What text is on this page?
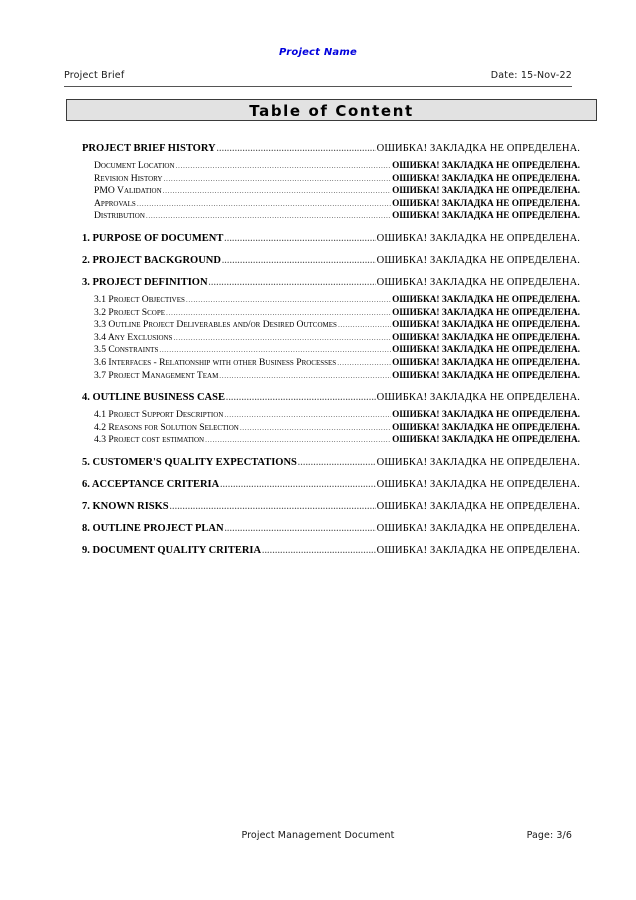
Project Name
Project Brief	Date: 15-Nov-22
Table of Content
PROJECT BRIEF HISTORY .....	ОШИБКА! ЗАКЛАДКА НЕ ОПРЕДЕЛЕНА.
Document Location .....	ОШИБКА! ЗАКЛАДКА НЕ ОПРЕДЕЛЕНА.
Revision History .....	ОШИБКА! ЗАКЛАДКА НЕ ОПРЕДЕЛЕНА.
PMO Validation .....	ОШИБКА! ЗАКЛАДКА НЕ ОПРЕДЕЛЕНА.
Approvals .....	ОШИБКА! ЗАКЛАДКА НЕ ОПРЕДЕЛЕНА.
Distribution .....	ОШИБКА! ЗАКЛАДКА НЕ ОПРЕДЕЛЕНА.
1. PURPOSE OF DOCUMENT .....	ОШИБКА! ЗАКЛАДКА НЕ ОПРЕДЕЛЕНА.
2. PROJECT BACKGROUND .....	ОШИБКА! ЗАКЛАДКА НЕ ОПРЕДЕЛЕНА.
3. PROJECT DEFINITION .....	ОШИБКА! ЗАКЛАДКА НЕ ОПРЕДЕЛЕНА.
3.1 Project Objectives .....	ОШИБКА! ЗАКЛАДКА НЕ ОПРЕДЕЛЕНА.
3.2 Project Scope .....	ОШИБКА! ЗАКЛАДКА НЕ ОПРЕДЕЛЕНА.
3.3 Outline Project Deliverables and/or Desired Outcomes .....	ОШИБКА! ЗАКЛАДКА НЕ ОПРЕДЕЛЕНА.
3.4 Any Exclusions .....	ОШИБКА! ЗАКЛАДКА НЕ ОПРЕДЕЛЕНА.
3.5 Constraints .....	ОШИБКА! ЗАКЛАДКА НЕ ОПРЕДЕЛЕНА.
3.6 Interfaces - Relationship with other Business Processes .....	ОШИБКА! ЗАКЛАДКА НЕ ОПРЕДЕЛЕНА.
3.7 Project Management Team .....	ОШИБКА! ЗАКЛАДКА НЕ ОПРЕДЕЛЕНА.
4. OUTLINE BUSINESS CASE .....	ОШИБКА! ЗАКЛАДКА НЕ ОПРЕДЕЛЕНА.
4.1 Project Support Description .....	ОШИБКА! ЗАКЛАДКА НЕ ОПРЕДЕЛЕНА.
4.2 Reasons for Solution Selection .....	ОШИБКА! ЗАКЛАДКА НЕ ОПРЕДЕЛЕНА.
4.3 Project cost estimation .....	ОШИБКА! ЗАКЛАДКА НЕ ОПРЕДЕЛЕНА.
5. CUSTOMER'S QUALITY EXPECTATIONS .....	ОШИБКА! ЗАКЛАДКА НЕ ОПРЕДЕЛЕНА.
6. ACCEPTANCE CRITERIA .....	ОШИБКА! ЗАКЛАДКА НЕ ОПРЕДЕЛЕНА.
7. KNOWN RISKS .....	ОШИБКА! ЗАКЛАДКА НЕ ОПРЕДЕЛЕНА.
8. OUTLINE PROJECT PLAN .....	ОШИБКА! ЗАКЛАДКА НЕ ОПРЕДЕЛЕНА.
9. DOCUMENT QUALITY CRITERIA .....	ОШИБКА! ЗАКЛАДКА НЕ ОПРЕДЕЛЕНА.
Project Management Document	Page: 3/6
